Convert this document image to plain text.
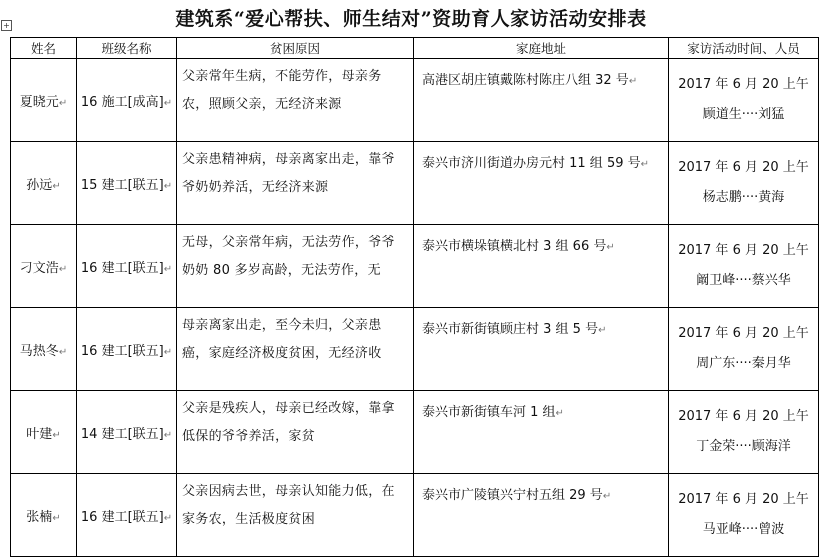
建筑系“爱心帮扶、师生结对”资助育人家访活动安排表
+
姓名	班级名称	贫困原因	家庭地址	家访活动时间、人员
夏晓元↵	16 施工[成高]↵	父亲常年生病，不能劳作，母亲务农，照顾父亲，无经济来源	高港区胡庄镇戴陈村陈庄八组 32 号↵	2017 年 6 月 20 上午
顾道生····刘猛

孙远↵	15 建工[联五]↵	父亲患精神病，母亲离家出走，靠爷爷奶奶养活，无经济来源	泰兴市济川街道办房元村 11 组 59 号↵	2017 年 6 月 20 上午
杨志鹏····黄海

刁文浩↵	16 建工[联五]↵	无母，父亲常年病，无法劳作，爷爷奶奶 80 多岁高龄，无法劳作，无	泰兴市横垛镇横北村 3 组 66 号↵	2017 年 6 月 20 上午
阚卫峰····蔡兴华

马热冬↵	16 建工[联五]↵	母亲离家出走，至今未归，父亲患癌，家庭经济极度贫困，无经济收	泰兴市新街镇顾庄村 3 组 5 号↵	2017 年 6 月 20 上午
周广东····秦月华

叶建↵	14 建工[联五]↵	父亲是残疾人，母亲已经改嫁，靠拿低保的爷爷养活，家贫	泰兴市新街镇车河 1 组↵	2017 年 6 月 20 上午
丁金荣····顾海洋

张楠↵	16 建工[联五]↵	父亲因病去世，母亲认知能力低，在家务农，生活极度贫困	泰兴市广陵镇兴宁村五组 29 号↵	2017 年 6 月 20 上午
马亚峰····曾波
